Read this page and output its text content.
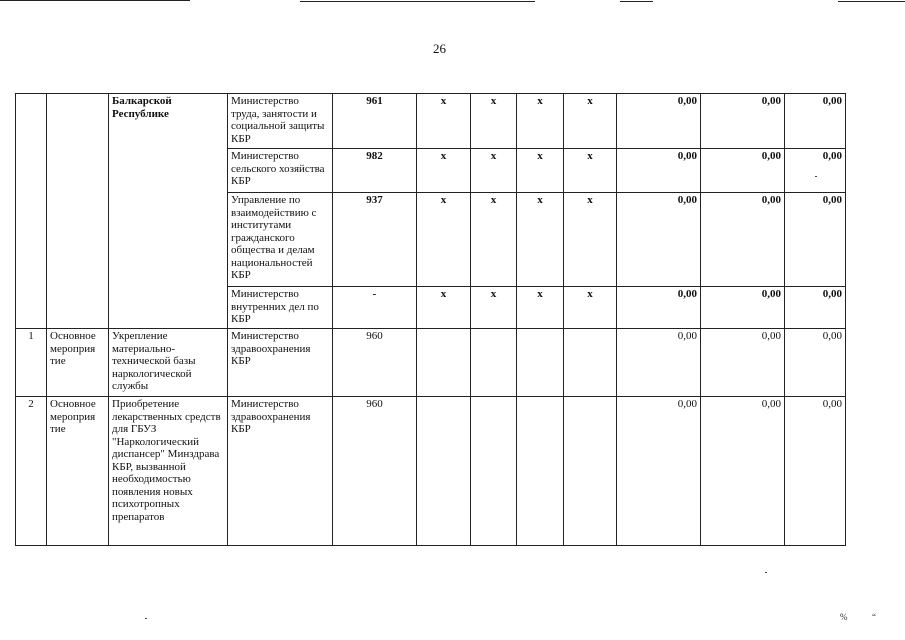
26
		Балкарской Республике	Министерство труда, занятости и социальной защиты КБР	961	x	x	x	x	0,00	0,00	0,00
			Министерство сельского хозяйства КБР	982	x	x	x	x	0,00	0,00	0,00
			Управление по взаимодействию с институтами гражданского общества и делам национальностей КБР	937	x	x	x	x	0,00	0,00	0,00
			Министерство внутренних дел по КБР	-	x	x	x	x	0,00	0,00	0,00
1	Основное мероприя тие	Укрепление материально-технической базы наркологической службы	Министерство здравоохранения КБР	960					0,00	0,00	0,00
2	Основное мероприя тие	Приобретение лекарственных средств для ГБУЗ "Наркологический диспансер" Минздрава КБР, вызванной необходимостью появления новых психотропных препаратов	Министерство здравоохранения КБР	960					0,00	0,00	0,00
%	“
